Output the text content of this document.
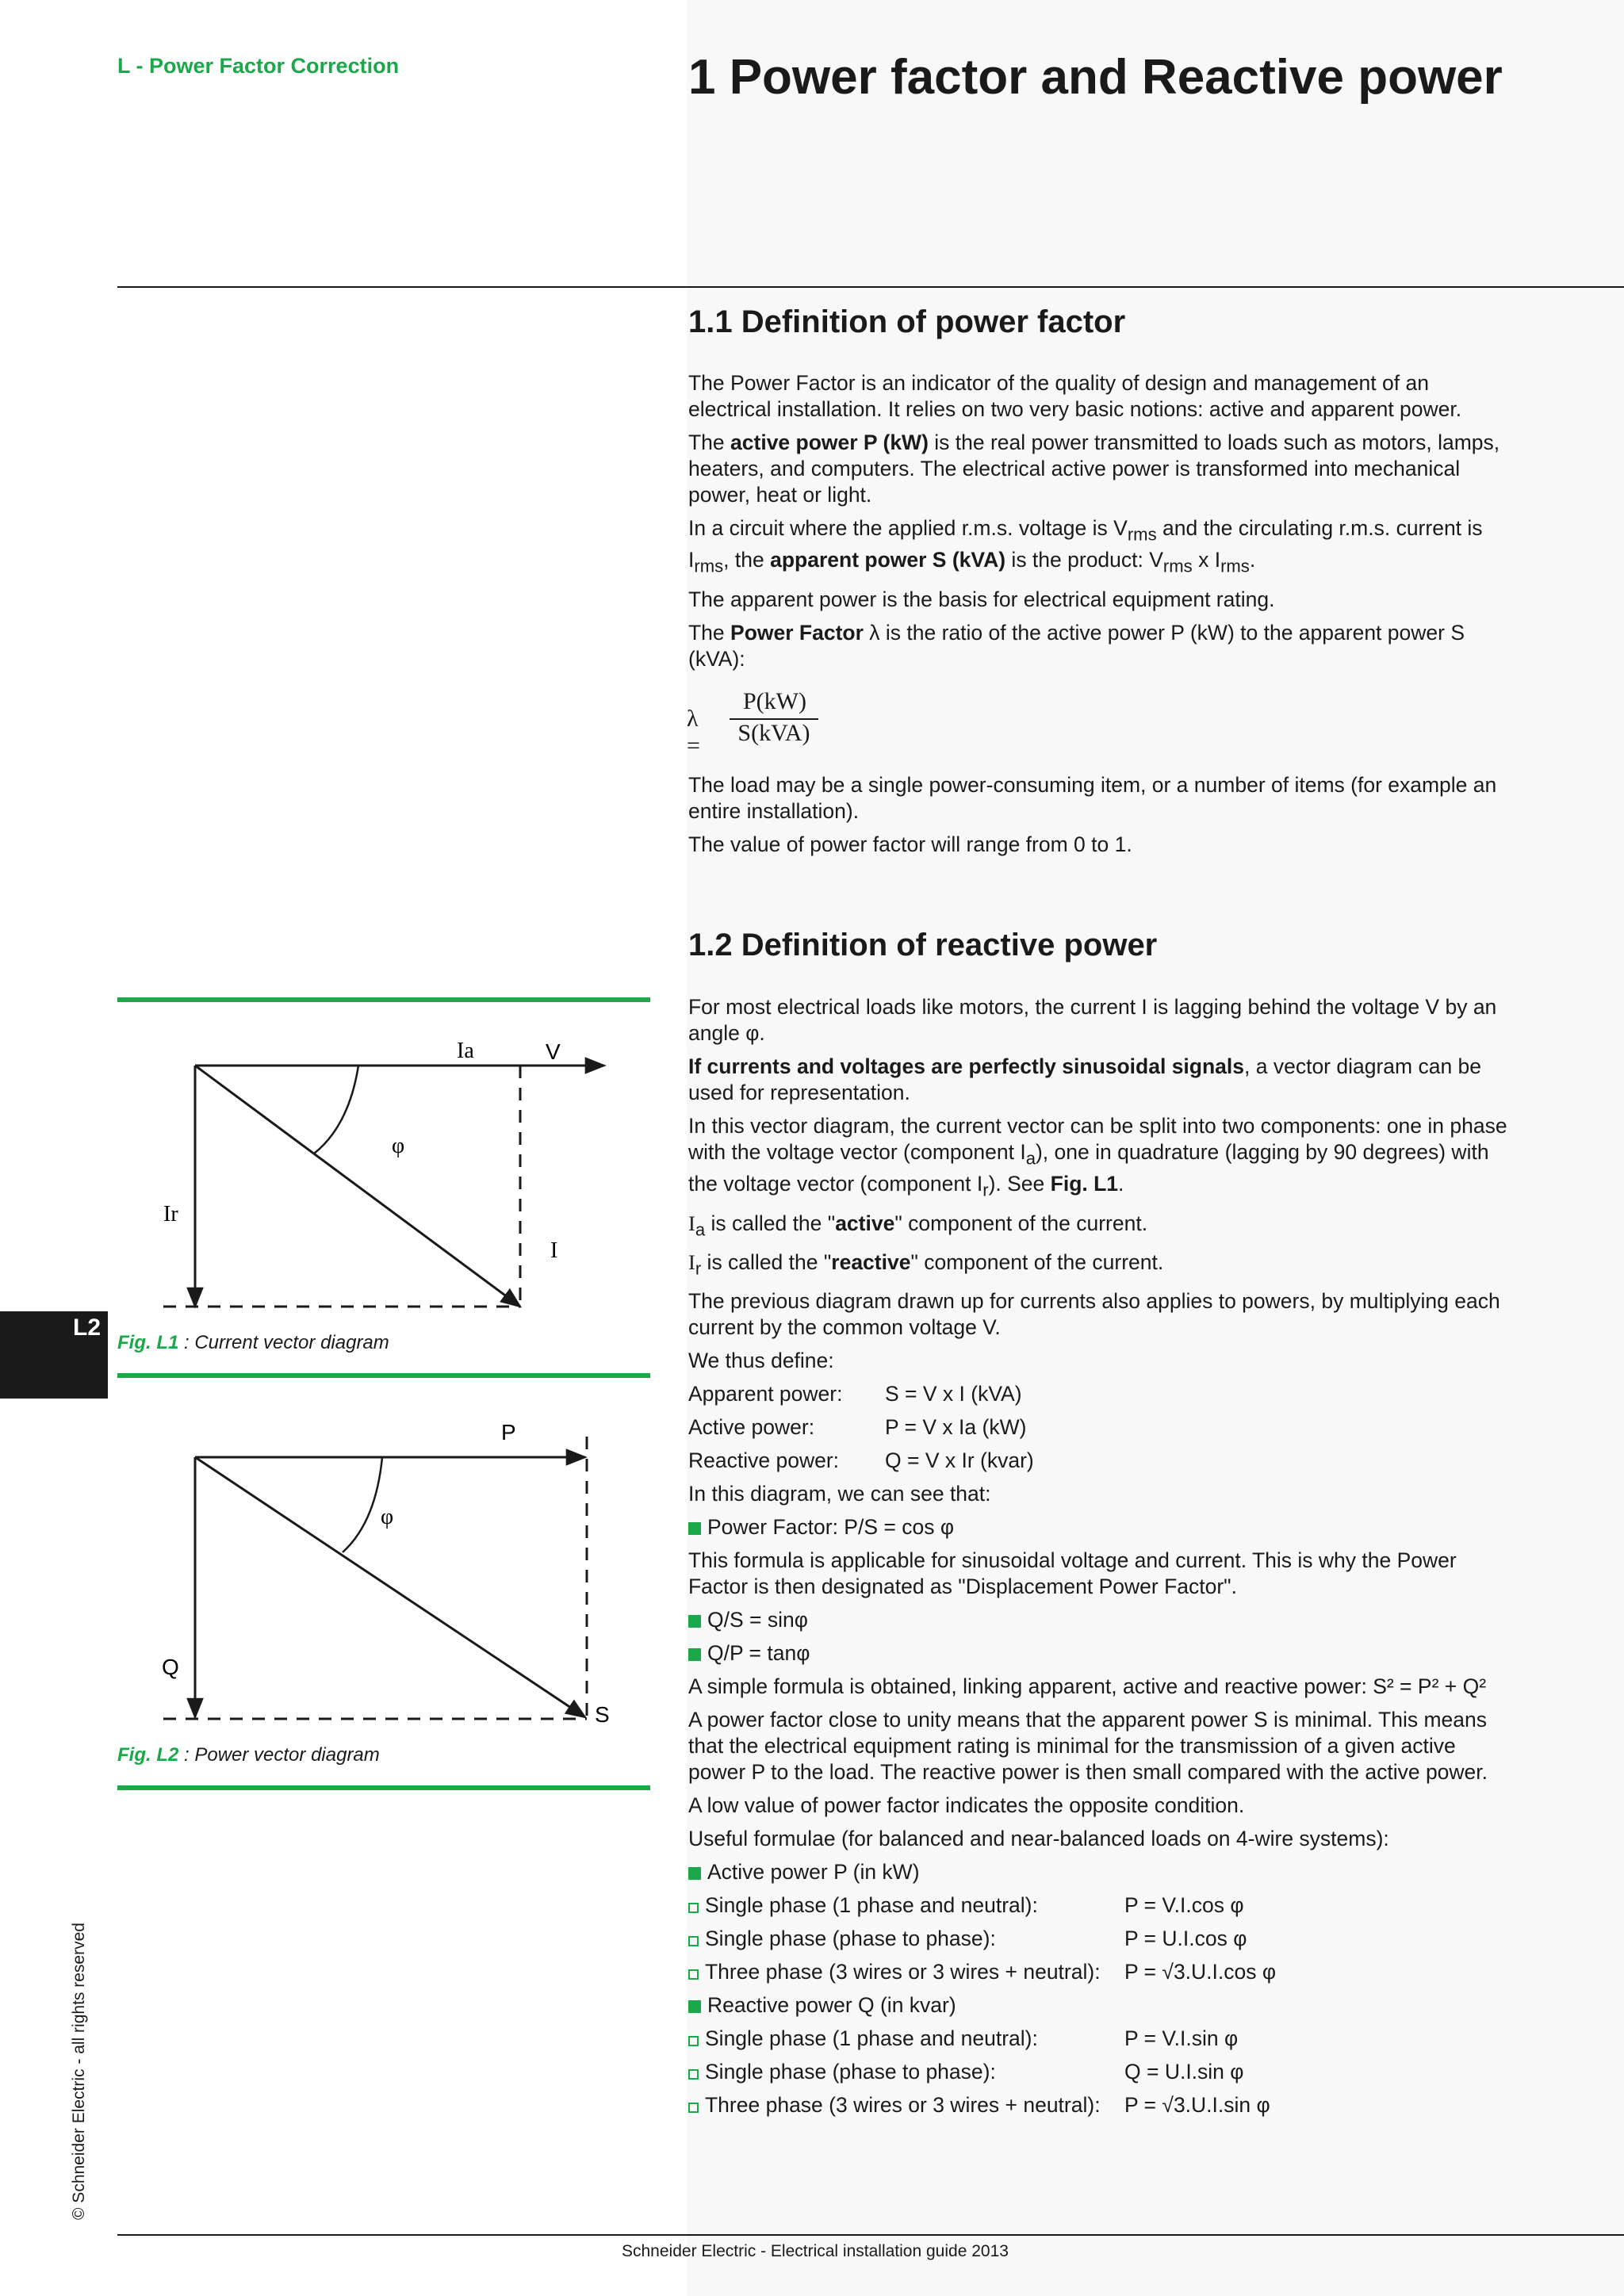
L - Power Factor Correction	1 Power factor and Reactive power
1.1 Definition of power factor

The Power Factor is an indicator of the quality of design and management of an electrical installation. It relies on two very basic notions: active and apparent power.

The active power P (kW) is the real power transmitted to loads such as motors, lamps, heaters, and computers. The electrical active power is transformed into mechanical power, heat or light.

In a circuit where the applied r.m.s. voltage is $V_{rms}$ and the circulating r.m.s. current is $I_{rms}$, the apparent power S (kVA) is the product: $V_{rms}$ x $I_{rms}$.

The apparent power is the basis for electrical equipment rating.

The Power Factor λ is the ratio of the active power P (kW) to the apparent power S (kVA):

λ =
P(kW)
S(kVA)

The load may be a single power-consuming item, or a number of items (for example an entire installation).

The value of power factor will range from 0 to 1.

1.2 Definition of reactive power

For most electrical loads like motors, the current I is lagging behind the voltage V by an angle φ.

If currents and voltages are perfectly sinusoidal signals, a vector diagram can be used for representation.

In this vector diagram, the current vector can be split into two components: one in phase with the voltage vector (component $I_a$), one in quadrature (lagging by 90 degrees) with the voltage vector (component $I_r$). See Fig. L1.

$I_a$ is called the "active" component of the current.

$I_r$ is called the "reactive" component of the current.

The previous diagram drawn up for currents also applies to powers, by multiplying each current by the common voltage V.

We thus define:

Apparent power:	S = V x I (kVA)

Active power:	P = V x Ia (kW)

Reactive power:	Q = V x Ir (kvar)

In this diagram, we can see that:

Power Factor: P/S = cos φ

This formula is applicable for sinusoidal voltage and current. This is why the Power Factor is then designated as "Displacement Power Factor".

Q/S = sinφ

Q/P = tanφ

A simple formula is obtained, linking apparent, active and reactive power: S² = P² + Q²

A power factor close to unity means that the apparent power S is minimal. This means that the electrical equipment rating is minimal for the transmission of a given active power P to the load. The reactive power is then small compared with the active power.

A low value of power factor indicates the opposite condition.

Useful formulae (for balanced and near-balanced loads on 4-wire systems):

Active power P (in kW)

Single phase (1 phase and neutral):	P = V.I.cos φ

Single phase (phase to phase):	P = U.I.cos φ

Three phase (3 wires or 3 wires + neutral): P = √3.U.I.cos φ

Reactive power Q (in kvar)

Single phase (1 phase and neutral):	P = V.I.sin φ

Single phase (phase to phase):	Q = U.I.sin φ

Three phase (3 wires or 3 wires + neutral): P = √3.U.I.sin φ

Ia	V
φ
Ir
I
Fig. L1 : Current vector diagram
P
φ
Q
S
Fig. L2 : Power vector diagram
L2
© Schneider Electric - all rights reserved
Schneider Electric - Electrical installation guide 2013
